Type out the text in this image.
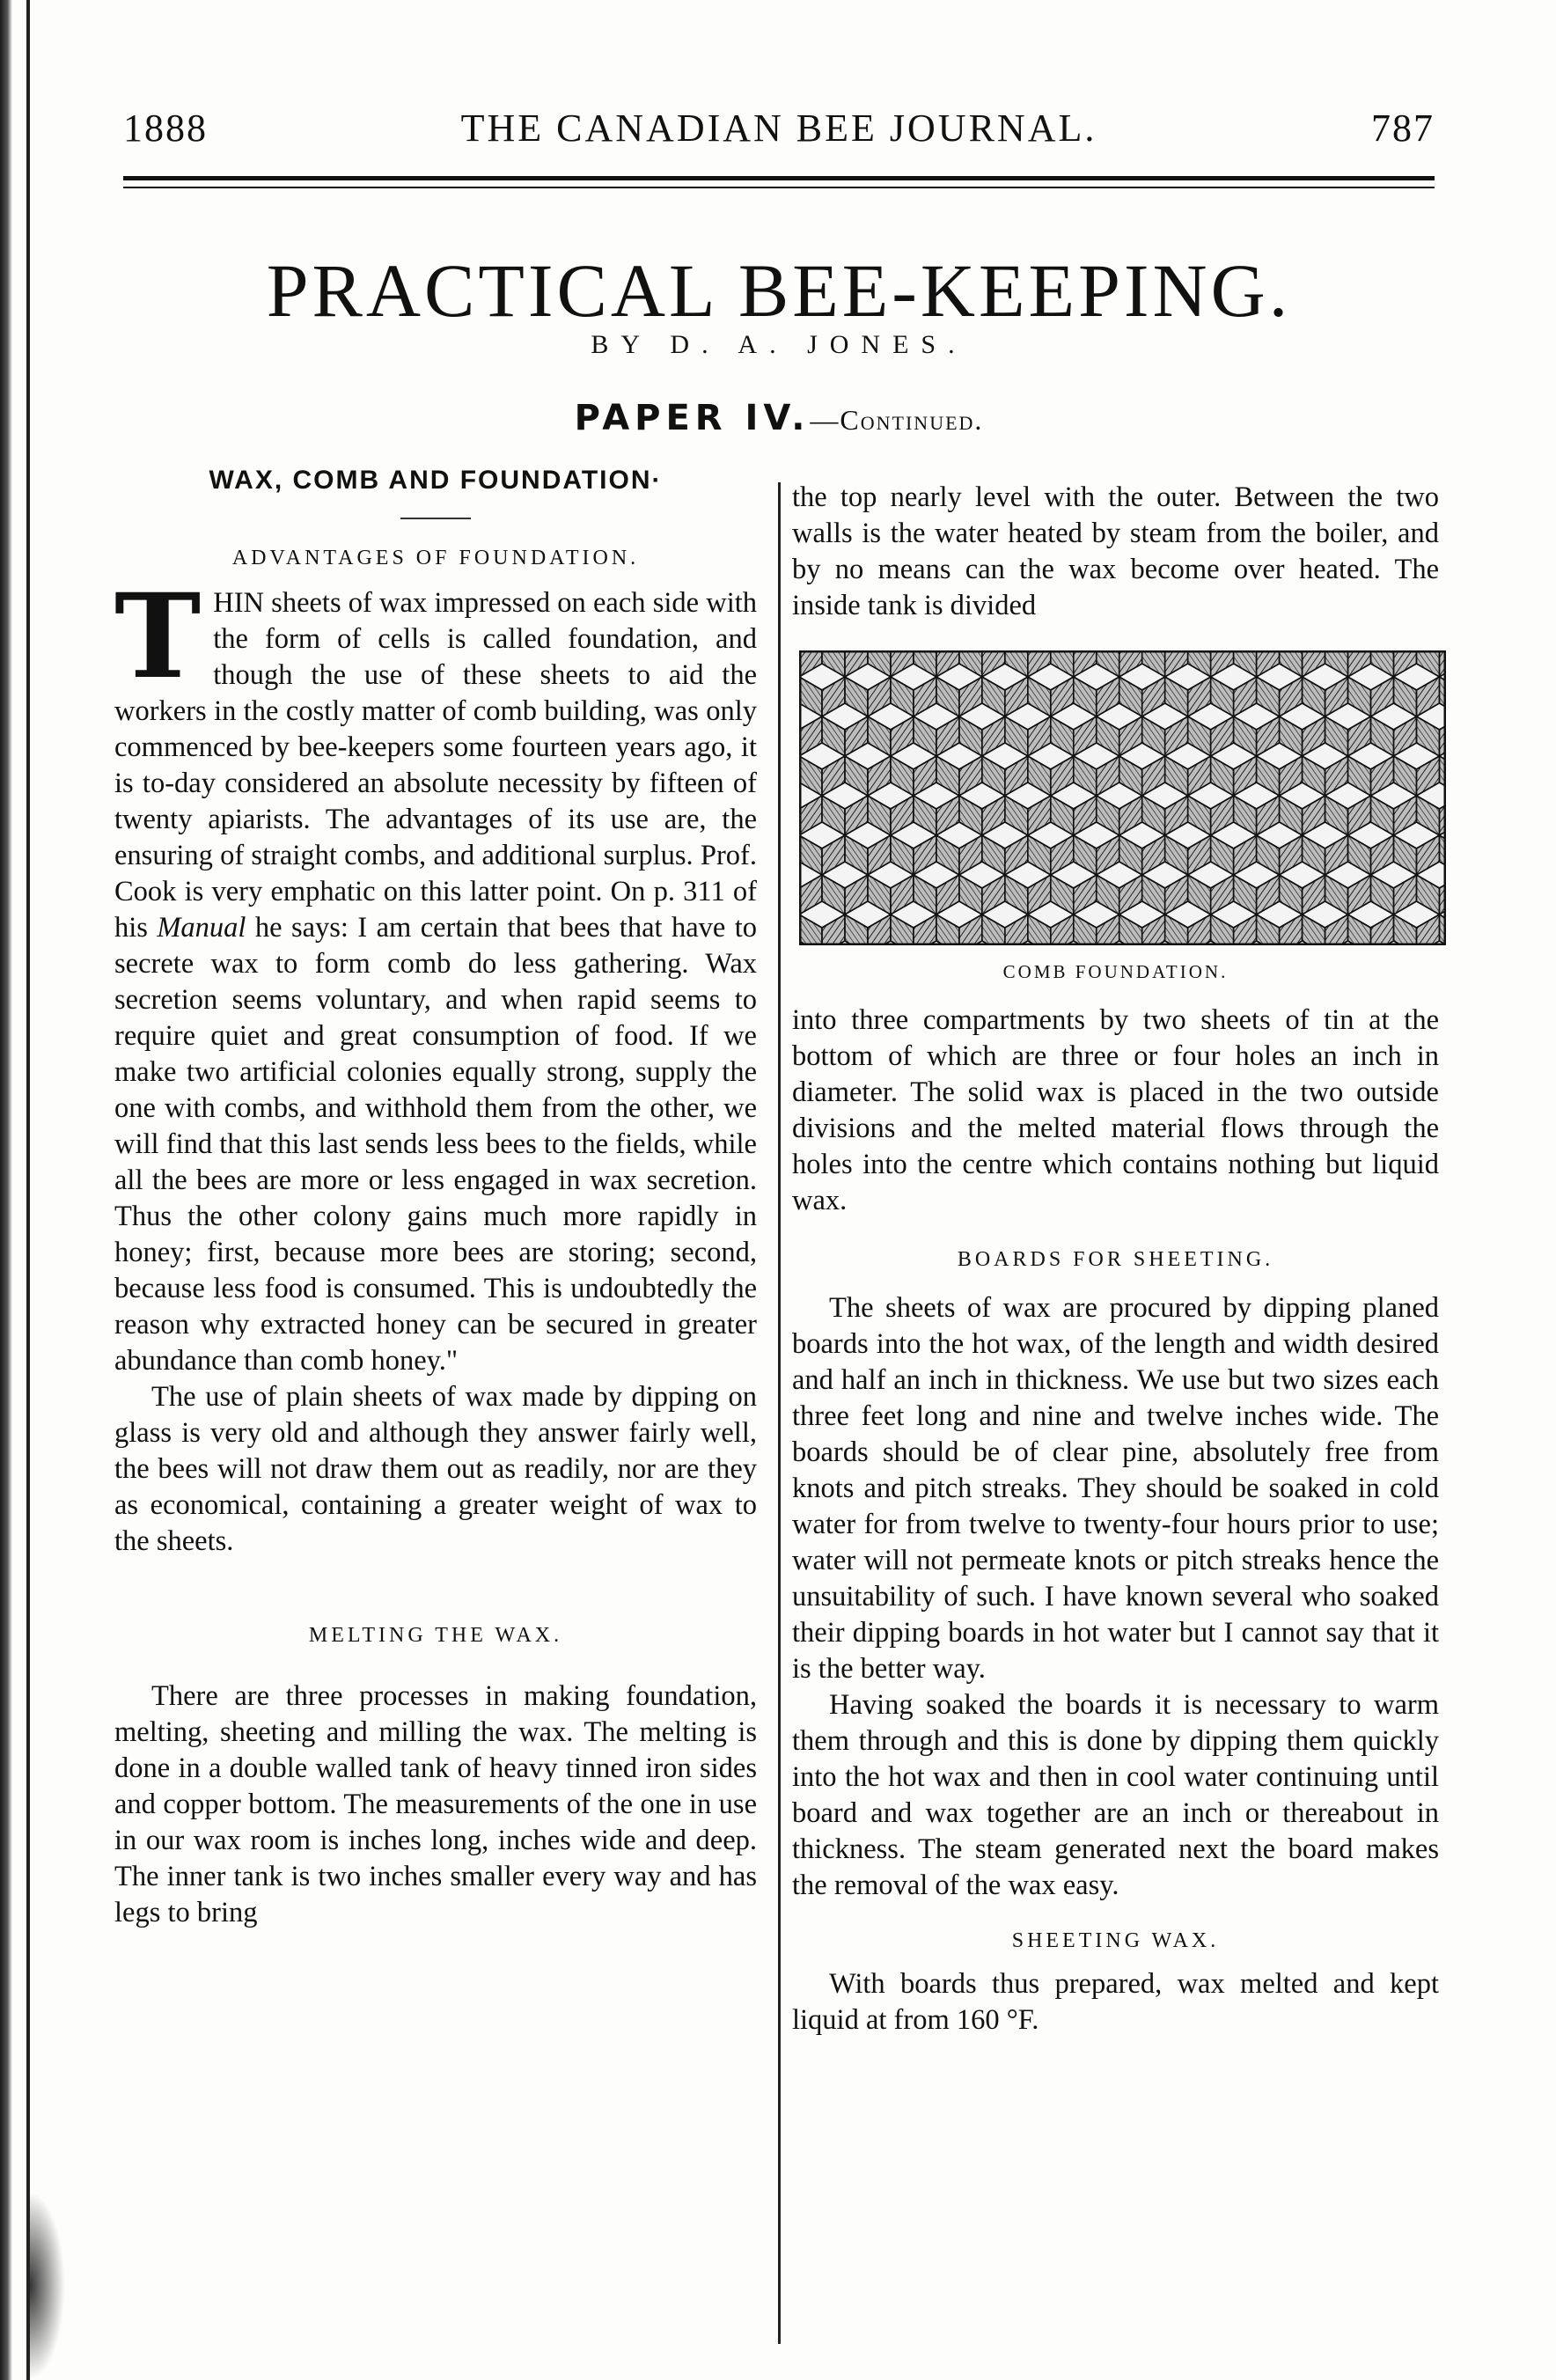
1888	THE CANADIAN BEE JOURNAL.	787
PRACTICAL BEE-KEEPING.
BY D. A. JONES.
PAPER IV.—Continued.
WAX, COMB AND FOUNDATION·
ADVANTAGES OF FOUNDATION.

THIN sheets of wax impressed on each side with the form of cells is called foundation, and though the use of these sheets to aid the workers in the costly matter of comb building, was only commenced by bee-keepers some fourteen years ago, it is to-day considered an absolute necessity by fifteen of twenty apiarists. The advantages of its use are, the ensuring of straight combs, and additional surplus. Prof. Cook is very emphatic on this latter point. On p. 311 of his Manual he says: I am certain that bees that have to secrete wax to form comb do less gathering. Wax secretion seems voluntary, and when rapid seems to require quiet and great consumption of food. If we make two artificial colonies equally strong, supply the one with combs, and withhold them from the other, we will find that this last sends less bees to the fields, while all the bees are more or less engaged in wax secretion. Thus the other colony gains much more rapidly in honey; first, because more bees are storing; second, because less food is consumed. This is undoubtedly the reason why extracted honey can be secured in greater abundance than comb honey."

The use of plain sheets of wax made by dipping on glass is very old and although they answer fairly well, the bees will not draw them out as readily, nor are they as economical, containing a greater weight of wax to the sheets.

MELTING THE WAX.

There are three processes in making foundation, melting, sheeting and milling the wax. The melting is done in a double walled tank of heavy tinned iron sides and copper bottom. The measurements of the one in use in our wax room is inches long, inches wide and deep. The inner tank is two inches smaller every way and has legs to bring

the top nearly level with the outer. Between the two walls is the water heated by steam from the boiler, and by no means can the wax become over heated. The inside tank is divided

COMB FOUNDATION.

into three compartments by two sheets of tin at the bottom of which are three or four holes an inch in diameter. The solid wax is placed in the two outside divisions and the melted material flows through the holes into the centre which contains nothing but liquid wax.

BOARDS FOR SHEETING.

The sheets of wax are procured by dipping planed boards into the hot wax, of the length and width desired and half an inch in thickness. We use but two sizes each three feet long and nine and twelve inches wide. The boards should be of clear pine, absolutely free from knots and pitch streaks. They should be soaked in cold water for from twelve to twenty-four hours prior to use; water will not permeate knots or pitch streaks hence the unsuitability of such. I have known several who soaked their dipping boards in hot water but I cannot say that it is the better way.

Having soaked the boards it is necessary to warm them through and this is done by dipping them quickly into the hot wax and then in cool water continuing until board and wax together are an inch or thereabout in thickness. The steam generated next the board makes the removal of the wax easy.

SHEETING WAX.

With boards thus prepared, wax melted and kept liquid at from 160 °F.
